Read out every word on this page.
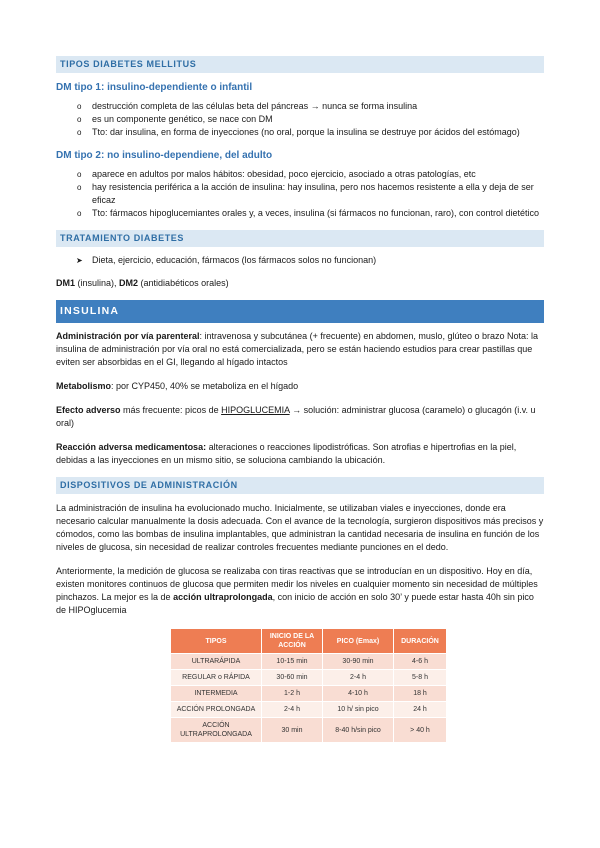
TIPOS DIABETES MELLITUS
DM tipo 1: insulino-dependiente o infantil
o destrucción completa de las células beta del páncreas → nunca se forma insulina
o es un componente genético, se nace con DM
o Tto: dar insulina, en forma de inyecciones (no oral, porque la insulina se destruye por ácidos del estómago)
DM tipo 2: no insulino-dependiene, del adulto
o aparece en adultos por malos hábitos: obesidad, poco ejercicio, asociado a otras patologías, etc
o hay resistencia periférica a la acción de insulina: hay insulina, pero nos hacemos resistente a ella y deja de ser eficaz
o Tto: fármacos hipoglucemiantes orales y, a veces, insulina (si fármacos no funcionan, raro), con control dietético
TRATAMIENTO DIABETES
➤ Dieta, ejercicio, educación, fármacos (los fármacos solos no funcionan)

DM1 (insulina), DM2 (antidiabéticos orales)

INSULINA

Administración por vía parenteral: intravenosa y subcutánea (+ frecuente) en abdomen, muslo, glúteo o brazo Nota: la insulina de administración por vía oral no está comercializada, pero se están haciendo estudios para crear pastillas que eviten ser absorbidas en el GI, llegando al hígado intactos

Metabolismo: por CYP450, 40% se metaboliza en el hígado

Efecto adverso más frecuente: picos de HIPOGLUCEMIA → solución: administrar glucosa (caramelo) o glucagón (i.v. u oral)

Reacción adversa medicamentosa: alteraciones o reacciones lipodistróficas. Son atrofias e hipertrofias en la piel, debidas a las inyecciones en un mismo sitio, se soluciona cambiando la ubicación.

DISPOSITIVOS DE ADMINISTRACIÓN

La administración de insulina ha evolucionado mucho. Inicialmente, se utilizaban viales e inyecciones, donde era necesario calcular manualmente la dosis adecuada. Con el avance de la tecnología, surgieron dispositivos más precisos y cómodos, como las bombas de insulina implantables, que administran la cantidad necesaria de insulina en función de los niveles de glucosa, sin necesidad de realizar controles frecuentes mediante punciones en el dedo.

Anteriormente, la medición de glucosa se realizaba con tiras reactivas que se introducían en un dispositivo. Hoy en día, existen monitores continuos de glucosa que permiten medir los niveles en cualquier momento sin necesidad de múltiples pinchazos. La mejor es la de acción ultraprolongada, con inicio de acción en solo 30’ y puede estar hasta 40h sin pico de HIPOglucemia

TIPOS	INICIO DE LA ACCIÓN	PICO (Emax)	DURACIÓN
ULTRARÁPIDA	10-15 min	30-90 min	4-6 h
REGULAR o RÁPIDA	30-60 min	2-4 h	5-8 h
INTERMEDIA	1-2 h	4-10 h	18 h
ACCIÓN PROLONGADA	2-4 h	10 h/ sin pico	24 h
ACCIÓN ULTRAPROLONGADA	30 min	8-40 h/sin pico	> 40 h
